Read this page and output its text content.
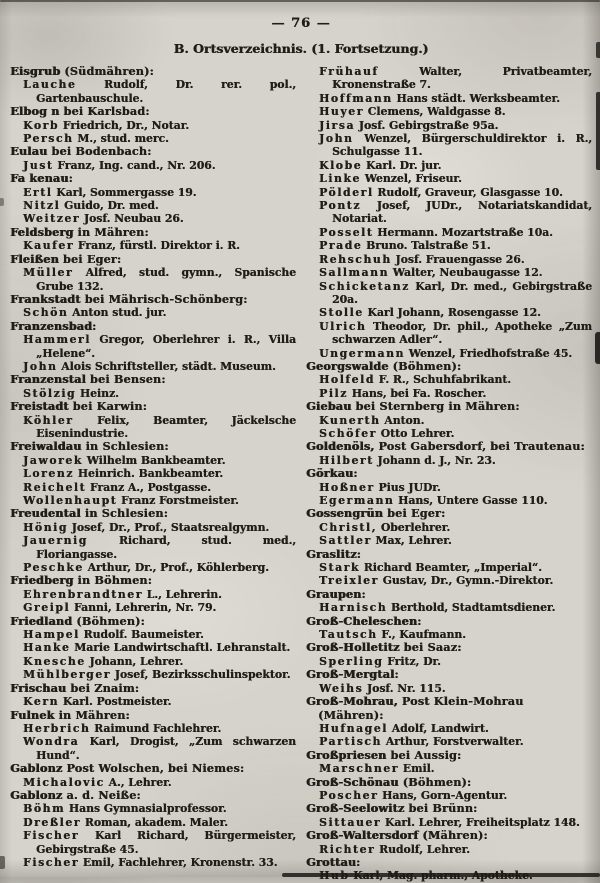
— 76 —
B. Ortsverzeichnis. (1. Fortsetzung.)
Eisgrub (Südmähren):
Lauche Rudolf, Dr. rer. pol., Gartenbauschule.
Elbog n bei Karlsbad:
Korb Friedrich, Dr., Notar.
Persch M., stud. merc.
Eulau bei Bodenbach:
Just Franz, Ing. cand., Nr. 206.
Fa kenau:
Ertl Karl, Sommergasse 19.
Nitzl Guido, Dr. med.
Weitzer Josf. Neubau 26.
Feldsberg in Mähren:
Kaufer Franz, fürstl. Direktor i. R.
Fleißen bei Eger:
Müller Alfred, stud. gymn., Spanische Grube 132.
Frankstadt bei Mährisch-Schönberg:
Schön Anton stud. jur.
Franzensbad:
Hammerl Gregor, Oberlehrer i. R., Villa „Helene“.
John Alois Schriftsteller, städt. Museum.
Franzenstal bei Bensen:
Stölzig Heinz.
Freistadt bei Karwin:
Köhler Felix, Beamter, Jäckelsche Eisenindustrie.
Freiwaldau in Schlesien:
Jaworek Wilhelm Bankbeamter.
Lorenz Heinrich. Bankbeamter.
Reichelt Franz A., Postgasse.
Wollenhaupt Franz Forstmeister.
Freudental in Schlesien:
Hönig Josef, Dr., Prof., Staatsrealgymn.
Jauernig Richard, stud. med., Floriangasse.
Peschke Arthur, Dr., Prof., Köhlerberg.
Friedberg in Böhmen:
Ehrenbrandtner L., Lehrerin.
Greipl Fanni, Lehrerin, Nr. 79.
Friedland (Böhmen):
Hampel Rudolf. Baumeister.
Hanke Marie Landwirtschaftl. Lehranstalt.
Knesche Johann, Lehrer.
Mühlberger Josef, Bezirksschulinspektor.
Frischau bei Znaim:
Kern Karl. Postmeister.
Fulnek in Mähren:
Herbrich Raimund Fachlehrer.
Wondra Karl, Drogist, „Zum schwarzen Hund“.
Gablonz Post Wolschen, bei Niemes:
Michalovic A., Lehrer.
Gablonz a. d. Neiße:
Böhm Hans Gymnasialprofessor.
Dreßler Roman, akadem. Maler.
Fischer Karl Richard, Bürgermeister, Gebirgstraße 45.
Fischer Emil, Fachlehrer, Kronenstr. 33.
Frühauf Walter, Privatbeamter, Kronenstraße 7.
Hoffmann Hans städt. Werksbeamter.
Huyer Clemens, Waldgasse 8.
Jirsa Josf. Gebirgstraße 95a.
John Wenzel, Bürgerschuldirektor i. R., Schulgasse 11.
Klobe Karl. Dr. jur.
Linke Wenzel, Friseur.
Pölderl Rudolf, Graveur, Glasgasse 10.
Pontz Josef, JUDr., Notariatskandidat, Notariat.
Posselt Hermann. Mozartstraße 10a.
Prade Bruno. Talstraße 51.
Rehschuh Josf. Frauengasse 26.
Sallmann Walter, Neubaugasse 12.
Schicketanz Karl, Dr. med., Gebirgstraße 20a.
Stolle Karl Johann, Rosengasse 12.
Ulrich Theodor, Dr. phil., Apotheke „Zum schwarzen Adler“.
Ungermann Wenzel, Friedhofstraße 45.
Georgswalde (Böhmen):
Holfeld F. R., Schuhfabrikant.
Pilz Hans, bei Fa. Roscher.
Giebau bei Sternberg in Mähren:
Kunerth Anton.
Schöfer Otto Lehrer.
Goldenöls, Post Gabersdorf, bei Trautenau:
Hilbert Johann d. J., Nr. 23.
Görkau:
Hoßner Pius JUDr.
Egermann Hans, Untere Gasse 110.
Gossengrün bei Eger:
Christl, Oberlehrer.
Sattler Max, Lehrer.
Graslitz:
Stark Richard Beamter, „Imperial“.
Treixler Gustav, Dr., Gymn.-Direktor.
Graupen:
Harnisch Berthold, Stadtamtsdiener.
Groß-Cheleschen:
Tautsch F., Kaufmann.
Groß-Holletitz bei Saaz:
Sperling Fritz, Dr.
Groß-Mergtal:
Weihs Josf. Nr. 115.
Groß-Mohrau, Post Klein-Mohrau (Mähren):
Hufnagel Adolf, Landwirt.
Partisch Arthur, Forstverwalter.
Großpriesen bei Aussig:
Marschner Emil.
Groß-Schönau (Böhmen):
Poscher Hans, Gorn-Agentur.
Groß-Seelowitz bei Brünn:
Sittauer Karl. Lehrer, Freiheitsplatz 148.
Groß-Waltersdorf (Mähren):
Richter Rudolf, Lehrer.
Grottau:
